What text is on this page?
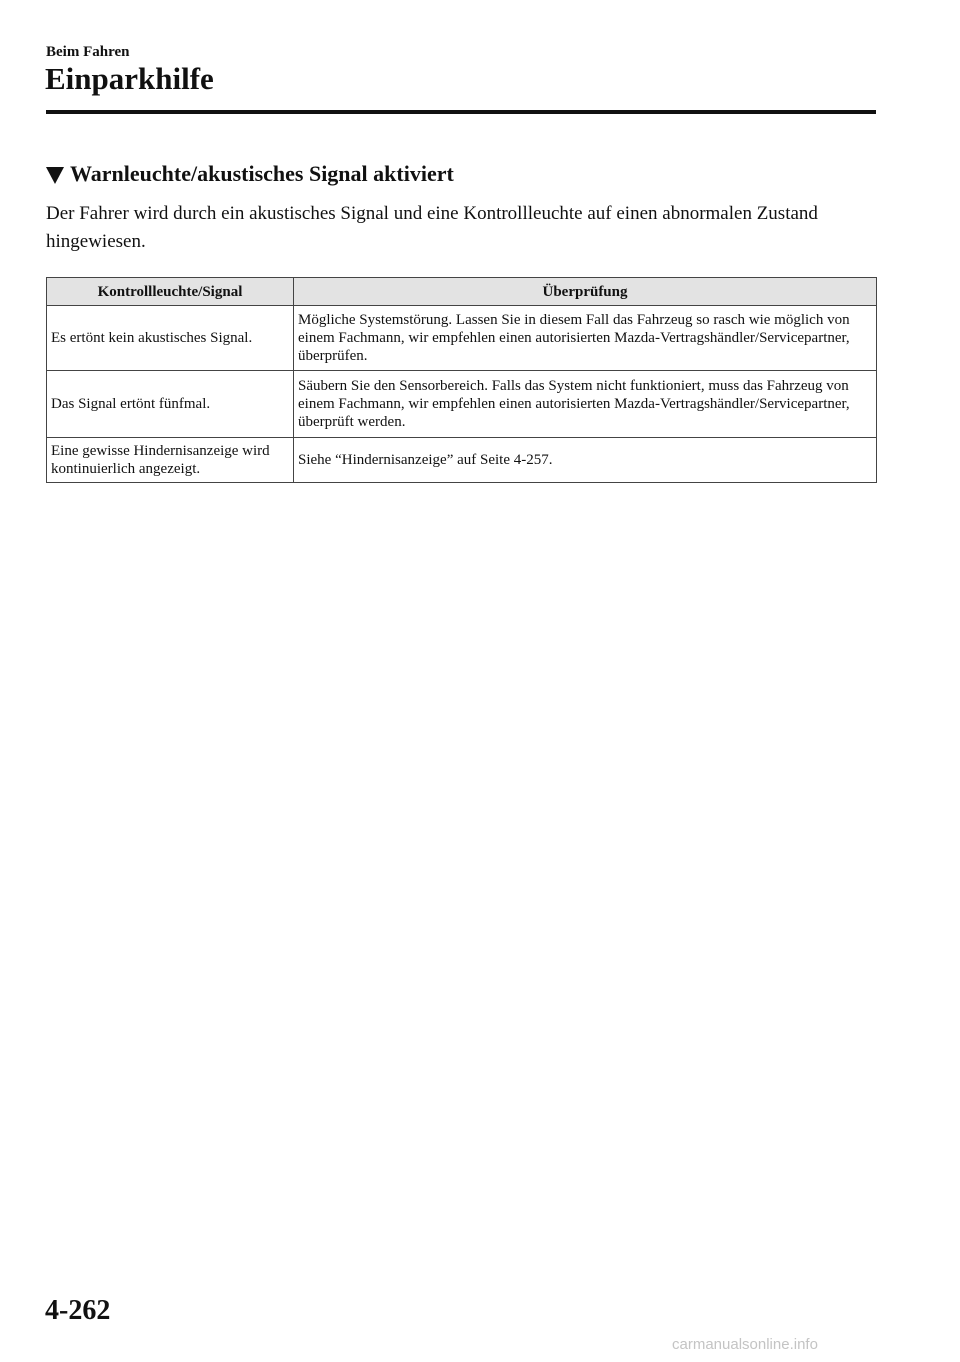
Beim Fahren
Einparkhilfe
Warnleuchte/akustisches Signal aktiviert

Der Fahrer wird durch ein akustisches Signal und eine Kontrollleuchte auf einen abnormalen Zustand hingewiesen.

Kontrollleuchte/Signal	Überprüfung
Es ertönt kein akustisches Signal.	Mögliche Systemstörung. Lassen Sie in diesem Fall das Fahrzeug so rasch wie möglich von einem Fachmann, wir empfehlen einen autorisierten Mazda-Vertragshändler/Servicepartner, überprüfen.
Das Signal ertönt fünfmal.	Säubern Sie den Sensorbereich. Falls das System nicht funktioniert, muss das Fahrzeug von einem Fachmann, wir empfehlen einen autorisierten Mazda-Vertragshändler/Servicepartner, überprüft werden.
Eine gewisse Hindernisanzeige wird kontinuierlich angezeigt.	Siehe “Hindernisanzeige” auf Seite 4-257.
4-262
carmanualsonline.info
